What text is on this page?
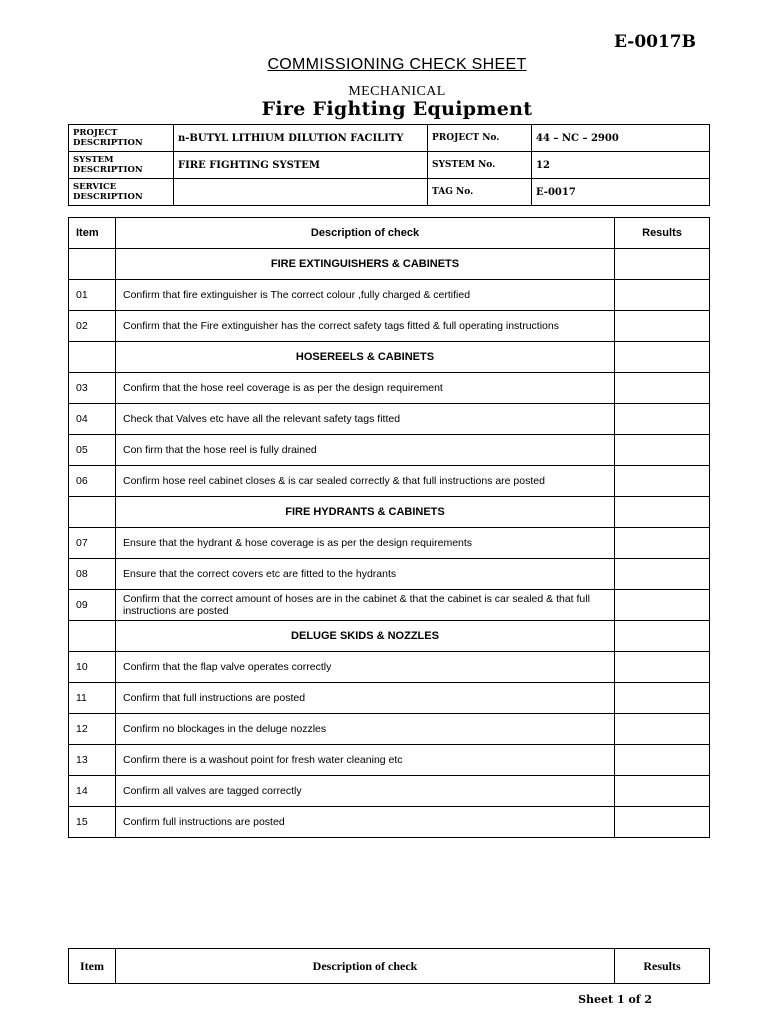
E-0017B
COMMISSIONING CHECK SHEET
MECHANICAL
Fire Fighting Equipment
PROJECT DESCRIPTION	n-BUTYL LITHIUM DILUTION FACILITY	PROJECT No.	44 – NC – 2900
SYSTEM DESCRIPTION	FIRE FIGHTING SYSTEM	SYSTEM No.	12
SERVICE DESCRIPTION		TAG No.	E-0017
Item	Description of check	Results
	FIRE EXTINGUISHERS & CABINETS	
01	Confirm that fire extinguisher is The correct colour ,fully charged & certified	
02	Confirm that the Fire extinguisher has the correct safety tags fitted & full operating instructions	
	HOSEREELS & CABINETS	
03	Confirm that the hose reel coverage is as per the design requirement	
04	Check that Valves etc have all the relevant safety tags fitted	
05	Con firm that the hose reel is fully drained	
06	Confirm hose reel cabinet closes & is car sealed correctly & that full instructions are posted	
	FIRE HYDRANTS & CABINETS	
07	Ensure that the hydrant & hose coverage is as per the design requirements	
08	Ensure that the correct covers etc are fitted to the hydrants	
09	Confirm that the correct amount of hoses are in the cabinet & that the cabinet is car sealed & that full instructions are posted	
	DELUGE SKIDS & NOZZLES	
10	Confirm that the flap valve operates correctly	
11	Confirm that full instructions are posted	
12	Confirm no blockages in the deluge nozzles	
13	Confirm there is a washout point for fresh water cleaning etc	
14	Confirm all valves are tagged correctly	
15	Confirm full instructions are posted	
Item	Description of check	Results
Sheet 1 of 2
